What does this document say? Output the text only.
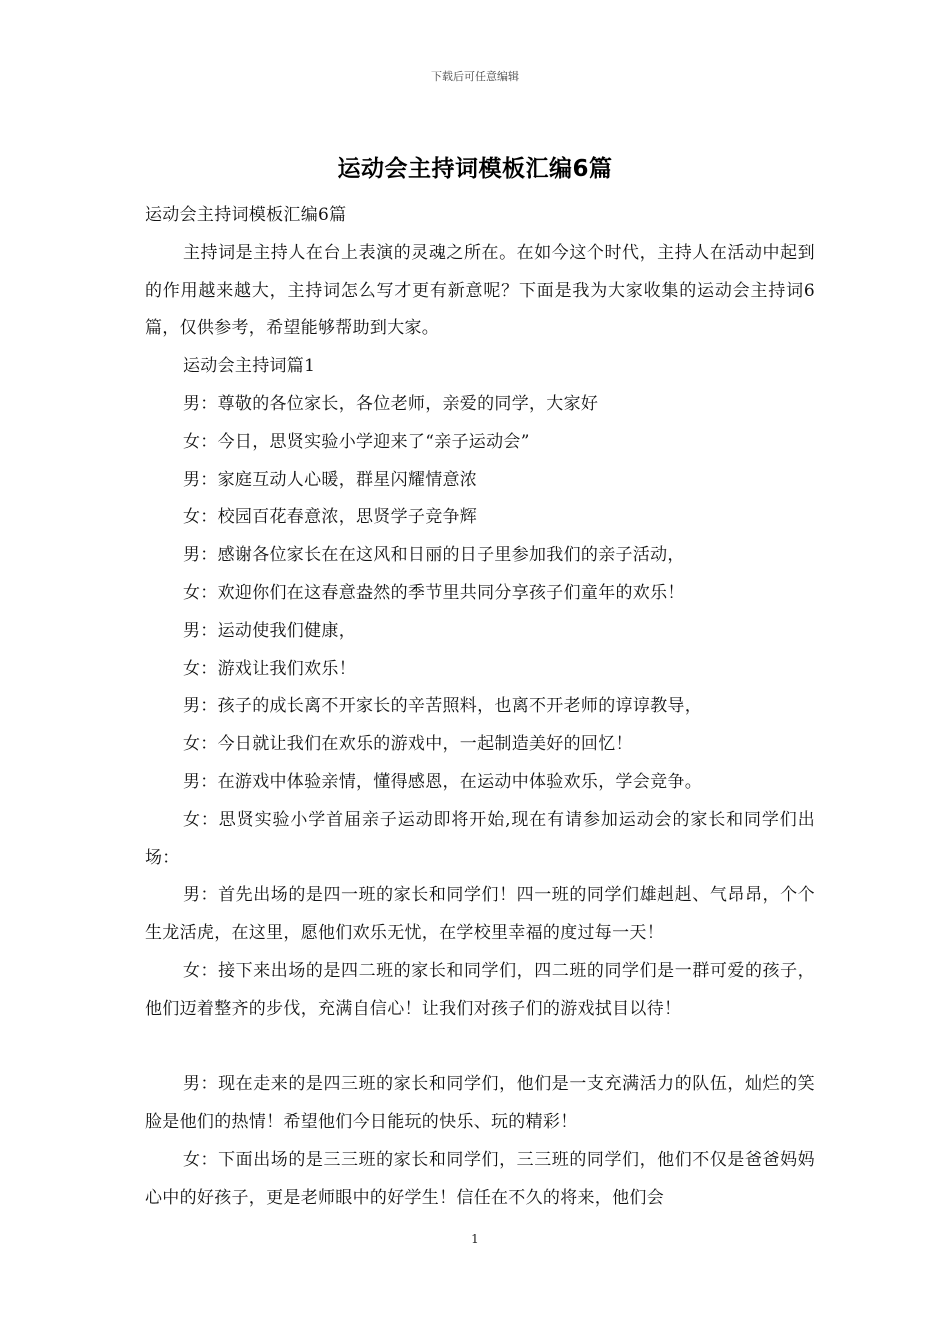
下载后可任意编辑
运动会主持词模板汇编6篇

运动会主持词模板汇编6篇

主持词是主持人在台上表演的灵魂之所在。在如今这个时代，主持人在活动中起到的作用越来越大，主持词怎么写才更有新意呢？下面是我为大家收集的运动会主持词6篇，仅供参考，希望能够帮助到大家。

运动会主持词篇1

男：尊敬的各位家长，各位老师，亲爱的同学，大家好

女：今日，思贤实验小学迎来了“亲子运动会”

男：家庭互动人心暖，群星闪耀情意浓

女：校园百花春意浓，思贤学子竞争辉

男：感谢各位家长在在这风和日丽的日子里参加我们的亲子活动，

女：欢迎你们在这春意盎然的季节里共同分享孩子们童年的欢乐！

男：运动使我们健康，

女：游戏让我们欢乐！

男：孩子的成长离不开家长的辛苦照料，也离不开老师的谆谆教导，

女：今日就让我们在欢乐的游戏中，一起制造美好的回忆！

男：在游戏中体验亲情，懂得感恩，在运动中体验欢乐，学会竞争。

女：思贤实验小学首届亲子运动即将开始,现在有请参加运动会的家长和同学们出场：

男：首先出场的是四一班的家长和同学们！四一班的同学们雄赳赳、气昂昂，个个生龙活虎，在这里，愿他们欢乐无忧，在学校里幸福的度过每一天！

女：接下来出场的是四二班的家长和同学们，四二班的同学们是一群可爱的孩子，他们迈着整齐的步伐，充满自信心！让我们对孩子们的游戏拭目以待！

男：现在走来的是四三班的家长和同学们，他们是一支充满活力的队伍，灿烂的笑脸是他们的热情！希望他们今日能玩的快乐、玩的精彩！

女：下面出场的是三三班的家长和同学们，三三班的同学们，他们不仅是爸爸妈妈心中的好孩子，更是老师眼中的好学生！信任在不久的将来，他们会

1
